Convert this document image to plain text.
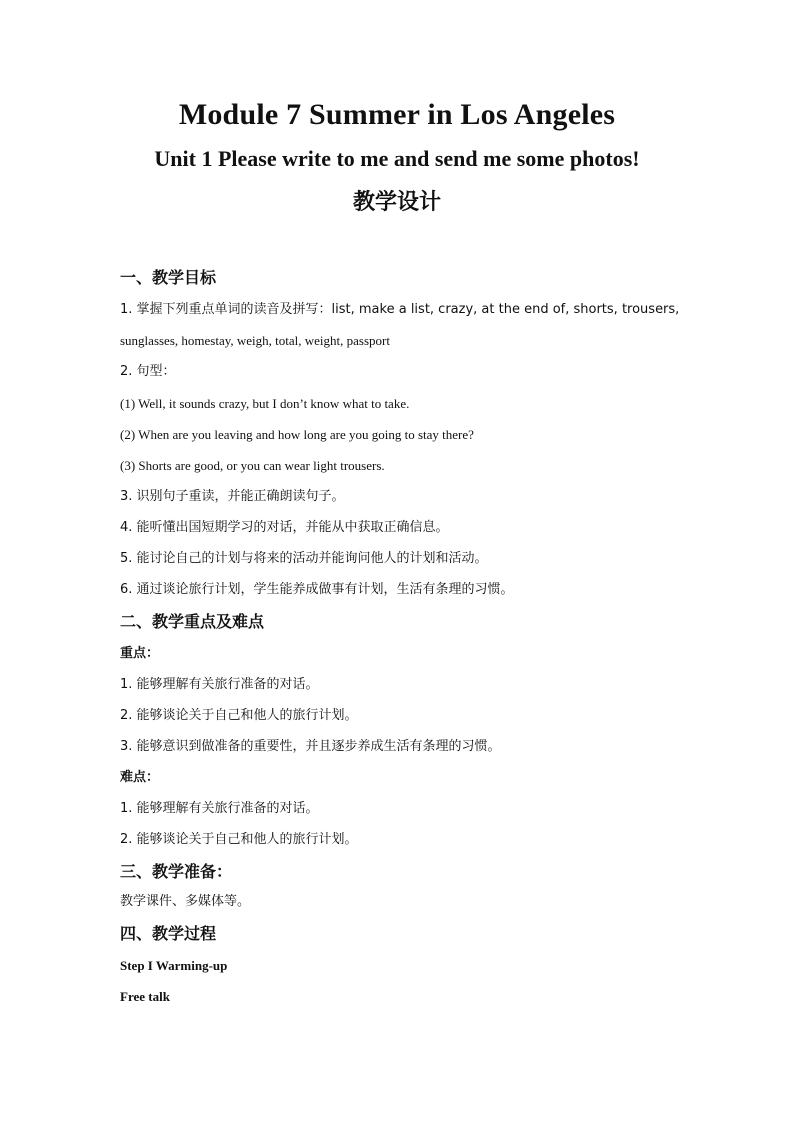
Module 7 Summer in Los Angeles
Unit 1 Please write to me and send me some photos!
教学设计
一、教学目标
1. 掌握下列重点单词的读音及拼写：list, make a list, crazy, at the end of, shorts, trousers,
sunglasses, homestay, weigh, total, weight, passport
2. 句型：
(1) Well, it sounds crazy, but I don’t know what to take.
(2) When are you leaving and how long are you going to stay there?
(3) Shorts are good, or you can wear light trousers.
3. 识别句子重读，并能正确朗读句子。
4. 能听懂出国短期学习的对话，并能从中获取正确信息。
5. 能讨论自己的计划与将来的活动并能询问他人的计划和活动。
6. 通过谈论旅行计划，学生能养成做事有计划，生活有条理的习惯。
二、教学重点及难点
重点：
1. 能够理解有关旅行准备的对话。
2. 能够谈论关于自己和他人的旅行计划。
3. 能够意识到做准备的重要性，并且逐步养成生活有条理的习惯。
难点：
1. 能够理解有关旅行准备的对话。
2. 能够谈论关于自己和他人的旅行计划。
三、教学准备：
教学课件、多媒体等。
四、教学过程
Step I Warming-up
Free talk
